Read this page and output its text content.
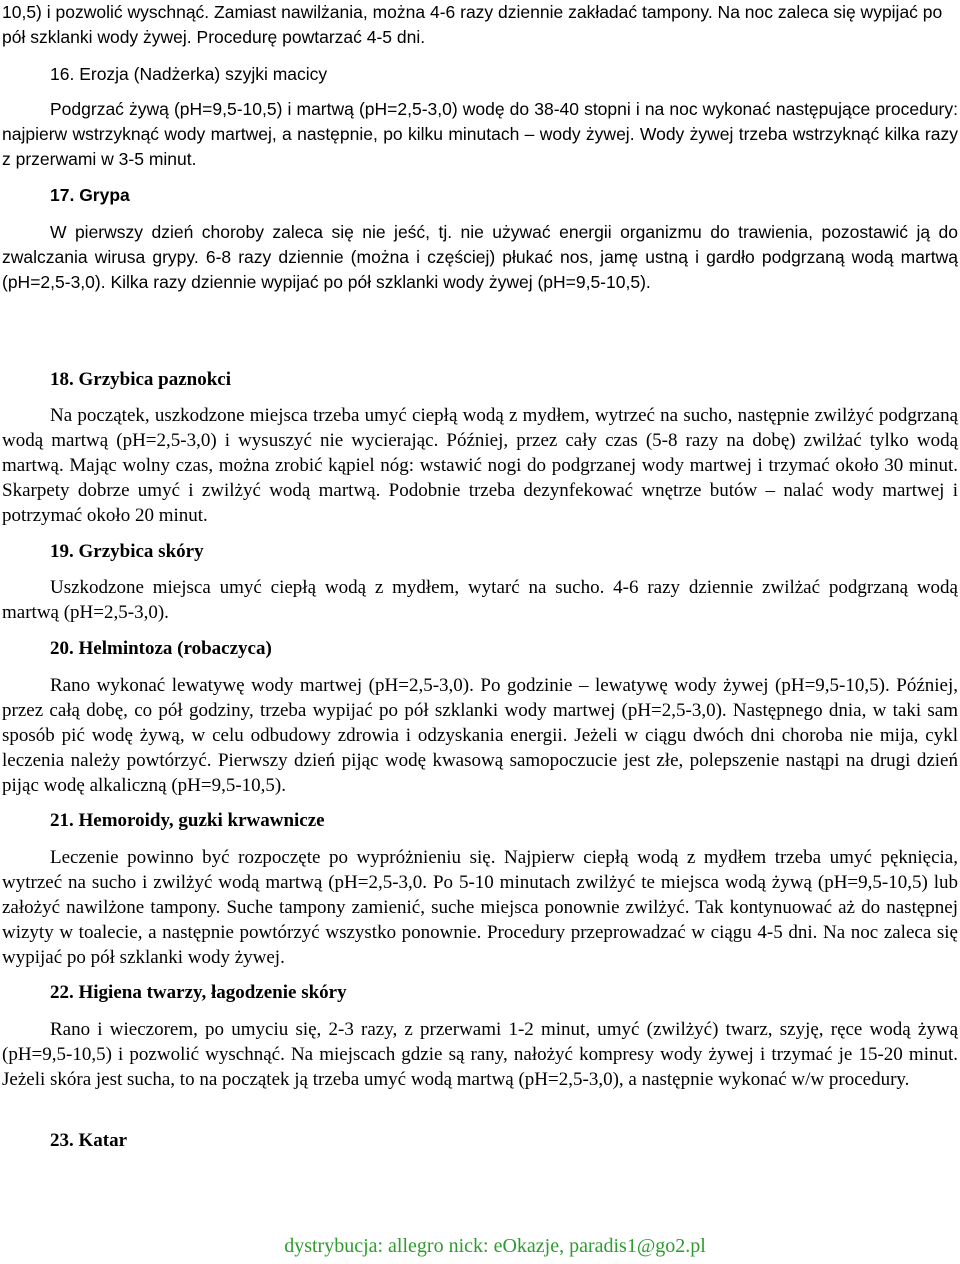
10,5) i pozwolić wyschnąć. Zamiast nawilżania, można 4-6 razy dziennie zakładać tampony. Na noc zaleca się wypijać po pół szklanki wody żywej. Procedurę powtarzać 4-5 dni.

16. Erozja (Nadżerka) szyjki macicy

Podgrzać żywą (pH=9,5-10,5) i martwą (pH=2,5-3,0) wodę do 38-40 stopni i na noc wykonać następujące procedury: najpierw wstrzyknąć wody martwej, a następnie, po kilku minutach – wody żywej. Wody żywej trzeba wstrzyknąć kilka razy z przerwami w 3-5 minut.

17. Grypa

W pierwszy dzień choroby zaleca się nie jeść, tj. nie używać energii organizmu do trawienia, pozostawić ją do zwalczania wirusa grypy. 6-8 razy dziennie (można i częściej) płukać nos, jamę ustną i gardło podgrzaną wodą martwą (pH=2,5-3,0). Kilka razy dziennie wypijać po pół szklanki wody żywej (pH=9,5-10,5).

18. Grzybica paznokci

Na początek, uszkodzone miejsca trzeba umyć ciepłą wodą z mydłem, wytrzeć na sucho, następnie zwilżyć podgrzaną wodą martwą (pH=2,5-3,0) i wysuszyć nie wycierając. Później, przez cały czas (5-8 razy na dobę) zwilżać tylko wodą martwą. Mając wolny czas, można zrobić kąpiel nóg: wstawić nogi do podgrzanej wody martwej i trzymać około 30 minut. Skarpety dobrze umyć i zwilżyć wodą martwą. Podobnie trzeba dezynfekować wnętrze butów – nalać wody martwej i potrzymać około 20 minut.

19. Grzybica skóry

Uszkodzone miejsca umyć ciepłą wodą z mydłem, wytarć na sucho. 4-6 razy dziennie zwilżać podgrzaną wodą martwą (pH=2,5-3,0).

20. Helmintoza (robaczyca)

Rano wykonać lewatywę wody martwej (pH=2,5-3,0). Po godzinie – lewatywę wody żywej (pH=9,5-10,5). Później, przez całą dobę, co pół godziny, trzeba wypijać po pół szklanki wody martwej (pH=2,5-3,0). Następnego dnia, w taki sam sposób pić wodę żywą, w celu odbudowy zdrowia i odzyskania energii. Jeżeli w ciągu dwóch dni choroba nie mija, cykl leczenia należy powtórzyć. Pierwszy dzień pijąc wodę kwasową samopoczucie jest złe, polepszenie nastąpi na drugi dzień pijąc wodę alkaliczną (pH=9,5-10,5).

21. Hemoroidy, guzki krwawnicze

Leczenie powinno być rozpoczęte po wypróżnieniu się. Najpierw ciepłą wodą z mydłem trzeba umyć pęknięcia, wytrzeć na sucho i zwilżyć wodą martwą (pH=2,5-3,0. Po 5-10 minutach zwilżyć te miejsca wodą żywą (pH=9,5-10,5) lub założyć nawilżone tampony. Suche tampony zamienić, suche miejsca ponownie zwilżyć. Tak kontynuować aż do następnej wizyty w toalecie, a następnie powtórzyć wszystko ponownie. Procedury przeprowadzać w ciągu 4-5 dni. Na noc zaleca się wypijać po pół szklanki wody żywej.

22. Higiena twarzy, łagodzenie skóry

Rano i wieczorem, po umyciu się, 2-3 razy, z przerwami 1-2 minut, umyć (zwilżyć) twarz, szyję, ręce wodą żywą (pH=9,5-10,5) i pozwolić wyschnąć. Na miejscach gdzie są rany, nałożyć kompresy wody żywej i trzymać je 15-20 minut. Jeżeli skóra jest sucha, to na początek ją trzeba umyć wodą martwą (pH=2,5-3,0), a następnie wykonać w/w procedury.

23. Katar
dystrybucja: allegro nick: eOkazje, paradis1@go2.pl
